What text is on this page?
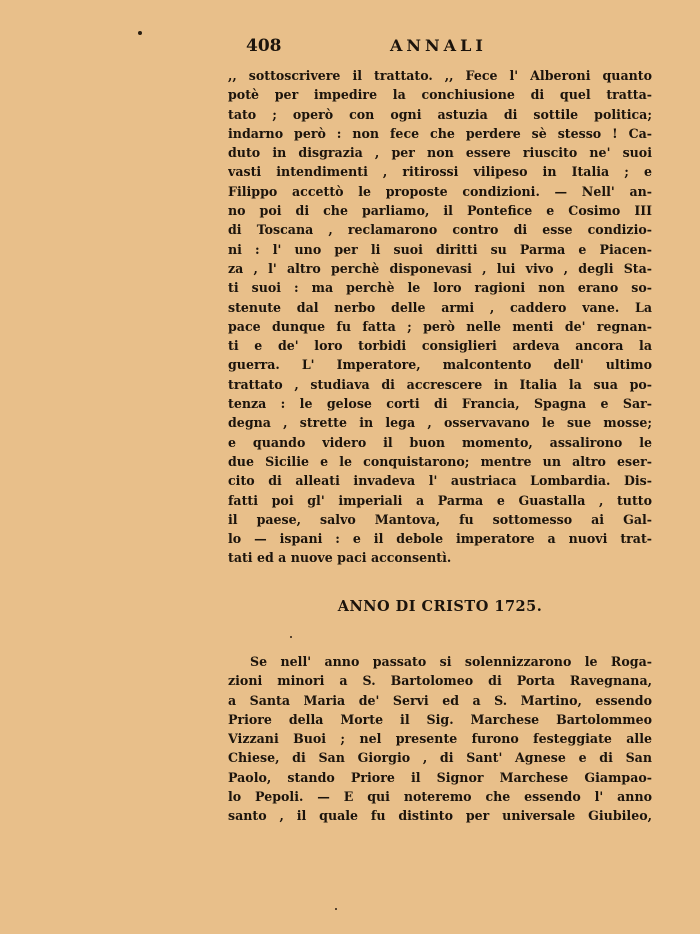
408	ANNALI
,, sottoscrivere il trattato. ,, Fece l' Alberoni quanto
potè per impedire la conchiusione di quel tratta-
tato ; operò con ogni astuzia di sottile politica;
indarno però : non fece che perdere sè stesso ! Ca-
duto in disgrazia , per non essere riuscito ne' suoi
vasti intendimenti , ritirossi vilipeso in Italia ; e
Filippo accettò le proposte condizioni. — Nell' an-
no poi di che parliamo, il Pontefice e Cosimo III
di Toscana , reclamarono contro di esse condizio-
ni : l' uno per li suoi diritti su Parma e Piacen-
za , l' altro perchè disponevasi , lui vivo , degli Sta-
ti suoi : ma perchè le loro ragioni non erano so-
stenute dal nerbo delle armi , caddero vane. La
pace dunque fu fatta ; però nelle menti de' regnan-
ti e de' loro torbidi consiglieri ardeva ancora la
guerra. L' Imperatore, malcontento dell' ultimo
trattato , studiava di accrescere in Italia la sua po-
tenza : le gelose corti di Francia, Spagna e Sar-
degna , strette in lega , osservavano le sue mosse;
e quando videro il buon momento, assalirono le
due Sicilie e le conquistarono; mentre un altro eser-
cito di alleati invadeva l' austriaca Lombardia. Dis-
fatti poi gl' imperiali a Parma e Guastalla , tutto
il paese, salvo Mantova, fu sottomesso ai Gal-
lo — ispani : e il debole imperatore a nuovi trat-
tati ed a nuove paci acconsentì.
ANNO DI CRISTO 1725.
Se nell' anno passato si solennizzarono le Roga-
zioni minori a S. Bartolomeo di Porta Ravegnana,
a Santa Maria de' Servi ed a S. Martino, essendo
Priore della Morte il Sig. Marchese Bartolommeo
Vizzani Buoi ; nel presente furono festeggiate alle
Chiese, di San Giorgio , di Sant' Agnese e di San
Paolo, stando Priore il Signor Marchese Giampao-
lo Pepoli. — E qui noteremo che essendo l' anno
santo , il quale fu distinto per universale Giubileo,
